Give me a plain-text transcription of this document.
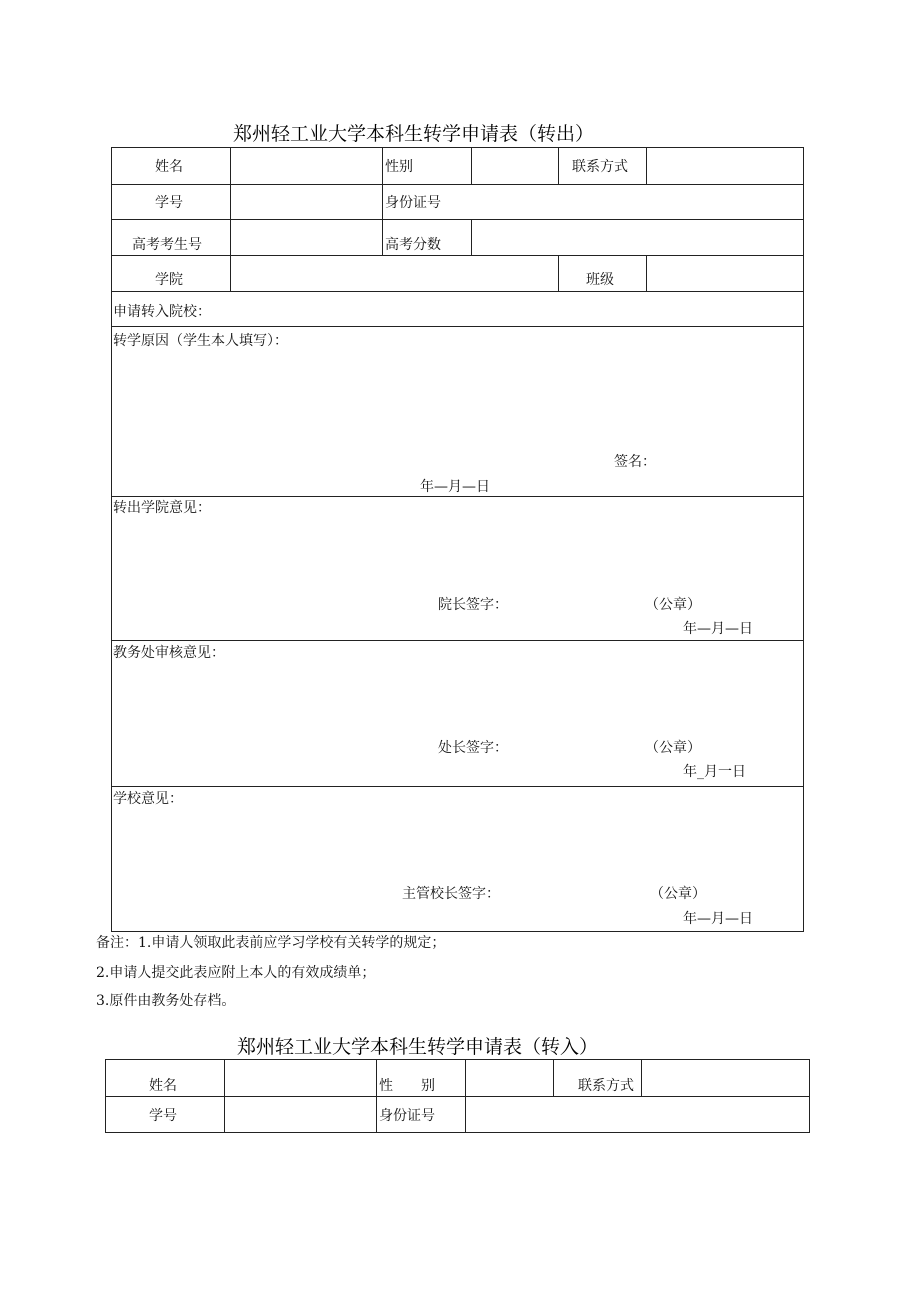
郑州轻工业大学本科生转学申请表（转出）
姓名	性别	联系方式
学号	身份证号
高考考生号	高考分数
学院	班级
申请转入院校：
转学原因（学生本人填写）：
签名：
年—月—日
转出学院意见：
院长签字：	（公章）
年—月—日
教务处审核意见：
处长签字：	（公章）
年_月一日
学校意见：
主管校长签字：	（公章）
年—月—日
备注：1.申请人领取此表前应学习学校有关转学的规定；
2.申请人提交此表应附上本人的有效成绩单；
3.原件由教务处存档。
郑州轻工业大学本科生转学申请表（转入）
姓名	性　　别	联系方式
学号	身份证号
